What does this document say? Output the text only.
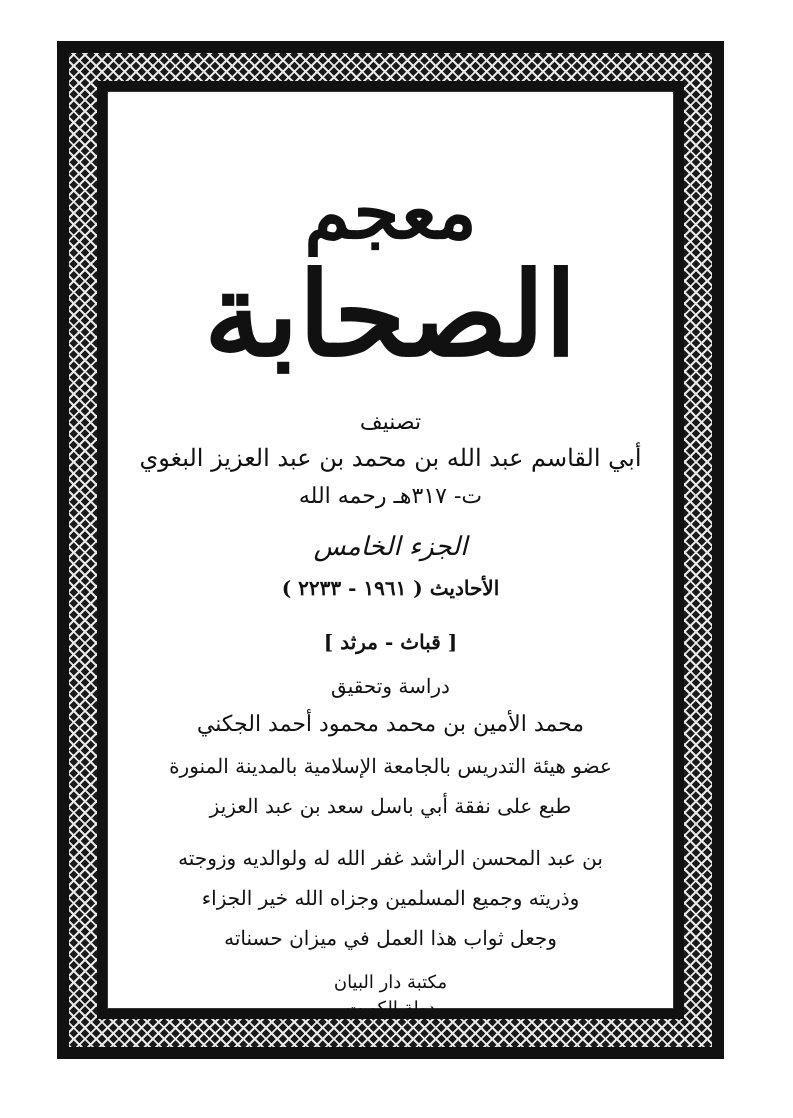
معجم
الصحابة
تصنيف
أبي القاسم عبد الله بن محمد بن عبد العزيز البغوي
ت- ٣١٧هـ رحمه الله
الجزء الخامس
الأحاديث ( ١٩٦١ - ٢٢٣٣ )
[ قباث - مرثد ]
دراسة وتحقيق
محمد الأمين بن محمد محمود أحمد الجكني
عضو هيئة التدريس بالجامعة الإسلامية بالمدينة المنورة
طبع على نفقة أبي باسل سعد بن عبد العزيز
بن عبد المحسن الراشد غفر الله له ولوالديه وزوجته
وذريته وجميع المسلمين وجزاه الله خير الجزاء
وجعل ثواب هذا العمل في ميزان حسناته
مكتبة دار البيان
دولة الكويت
